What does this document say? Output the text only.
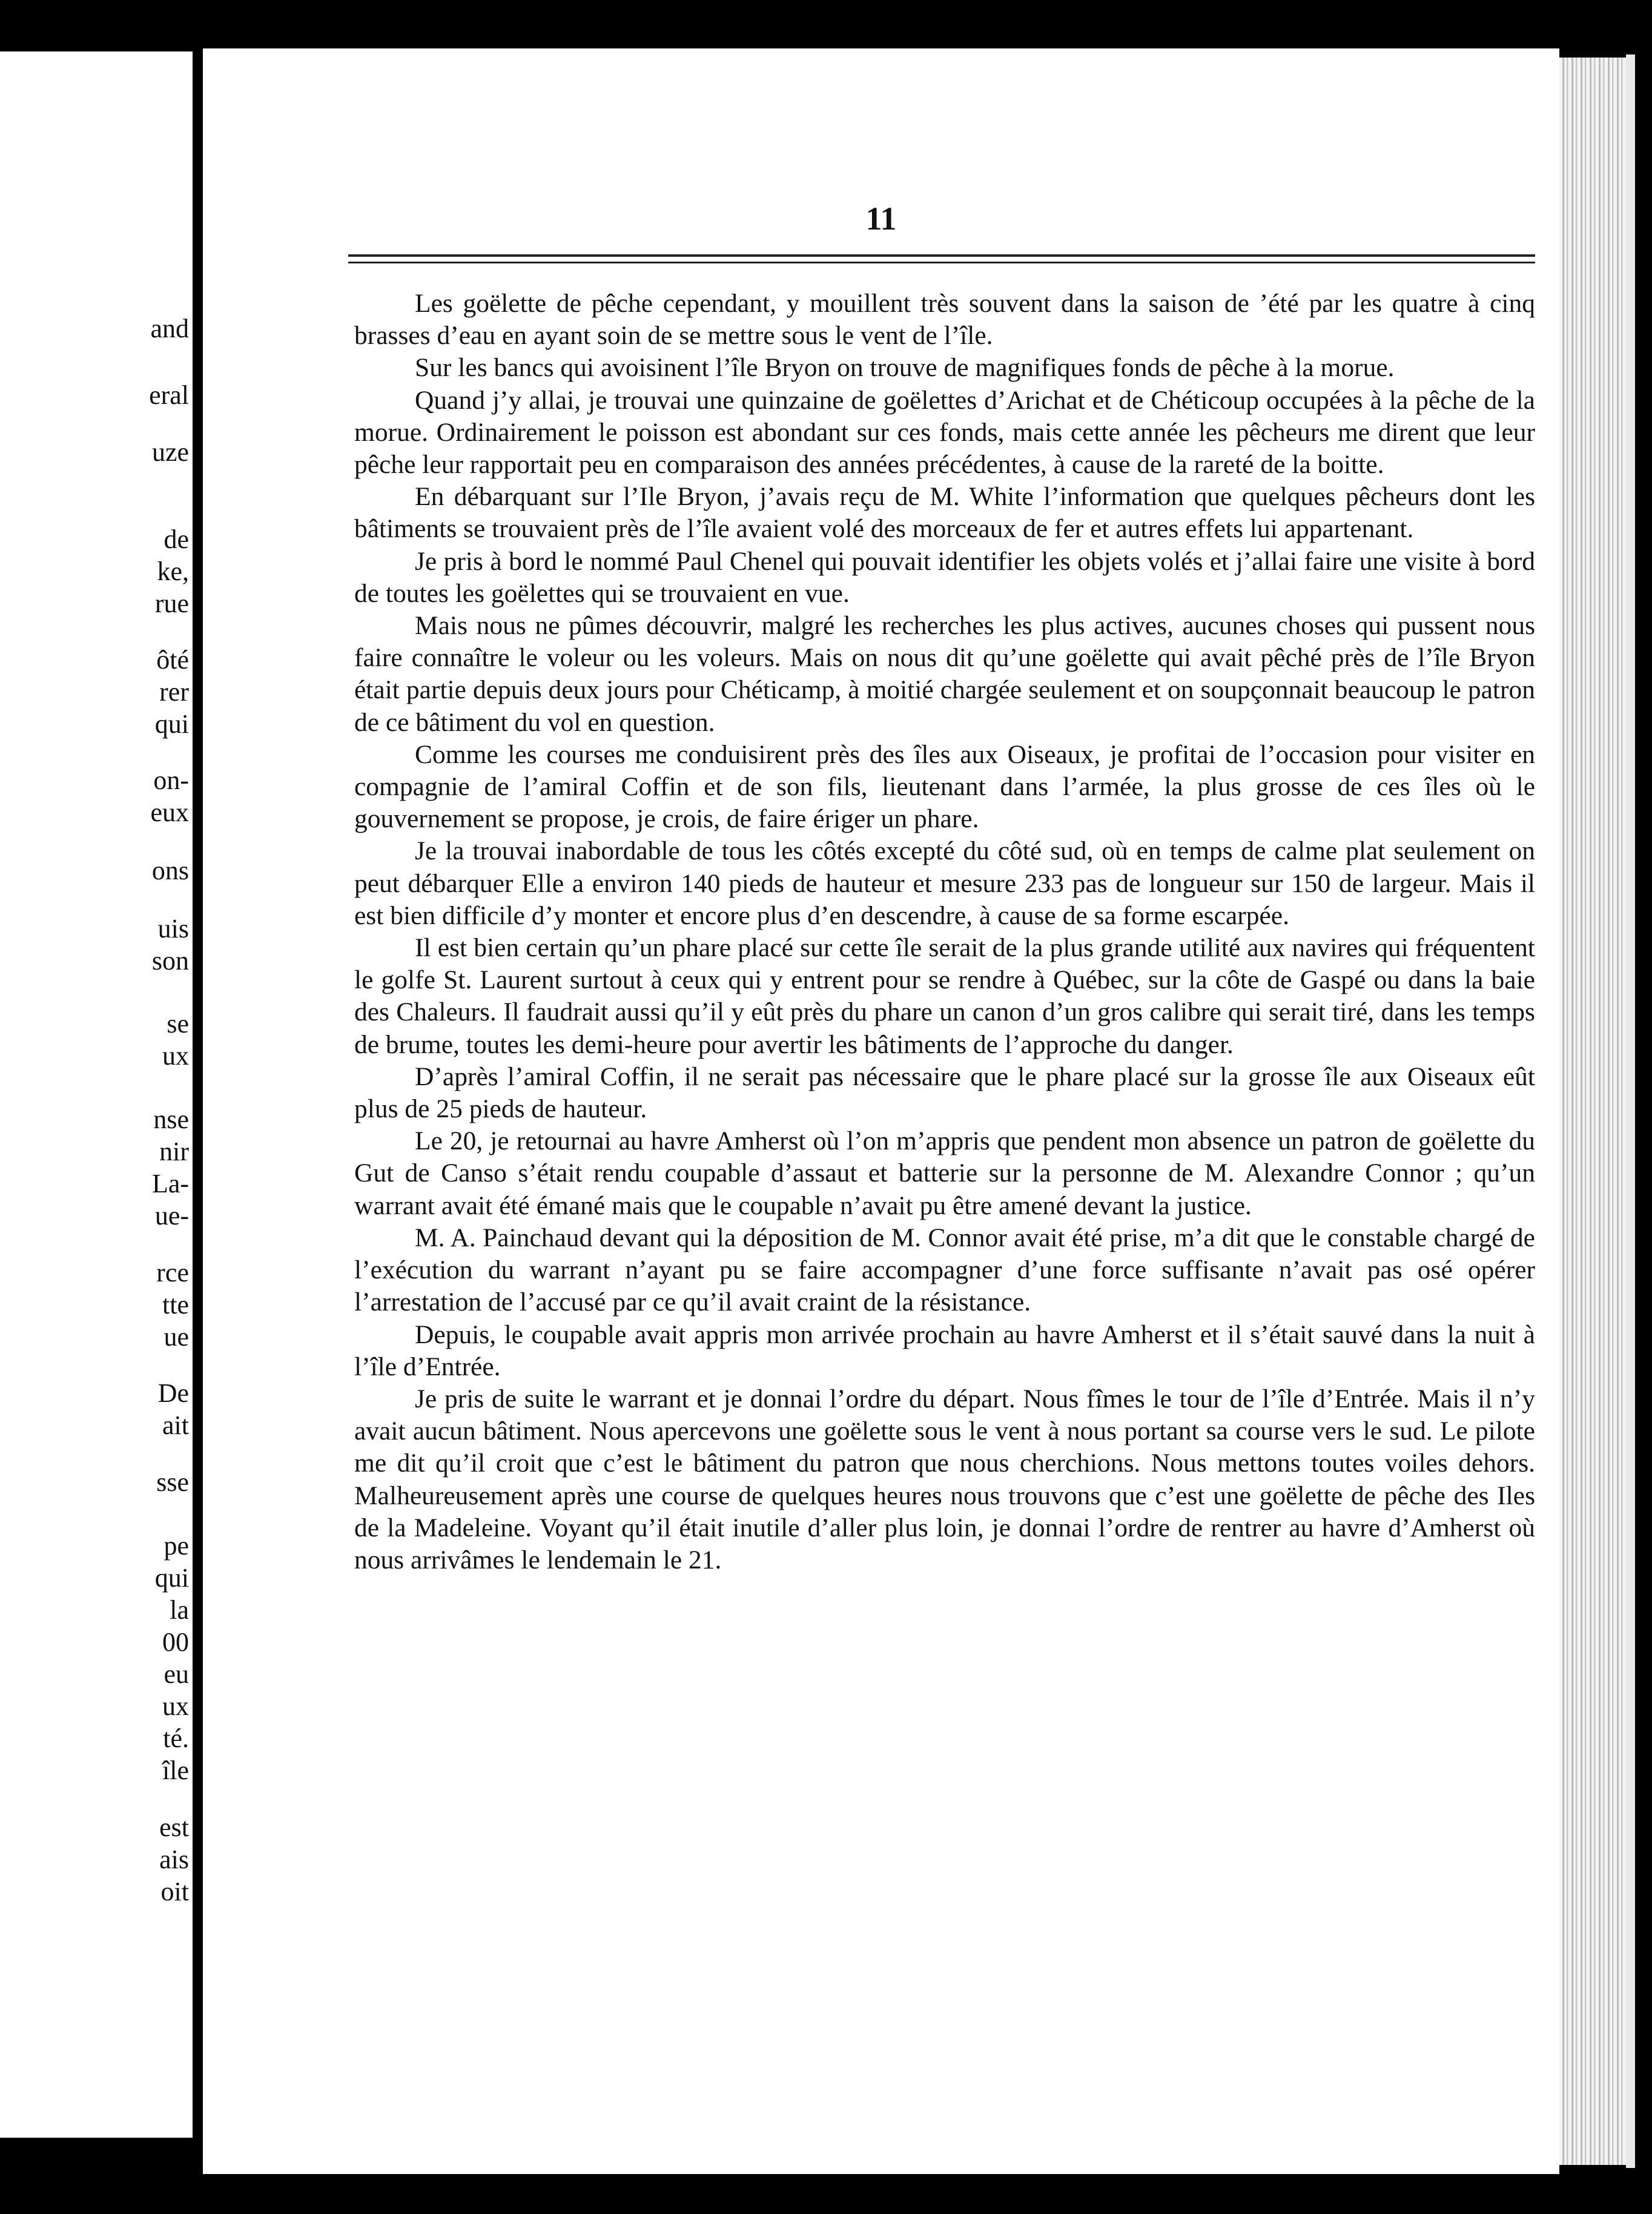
and
eral
uze
de
ke,
rue
ôté
rer
qui
on-
eux
ons
uis
son
se
ux
nse
nir
La-
ue-
rce
tte
ue
De
ait
sse
pe
qui
la
00
eu
ux
té.
île
est
ais
oit
11

Les goëlette de pêche cependant, y mouillent très souvent dans la saison de ’été par les quatre à cinq brasses d’eau en ayant soin de se mettre sous le vent de l’île.

Sur les bancs qui avoisinent l’île Bryon on trouve de magnifiques fonds de pêche à la morue.

Quand j’y allai, je trouvai une quinzaine de goëlettes d’Arichat et de Chéticoup occupées à la pêche de la morue. Ordinairement le poisson est abondant sur ces fonds, mais cette année les pêcheurs me dirent que leur pêche leur rapportait peu en comparaison des années précédentes, à cause de la rareté de la boitte.

En débarquant sur l’Ile Bryon, j’avais reçu de M. White l’information que quelques pêcheurs dont les bâtiments se trouvaient près de l’île avaient volé des morceaux de fer et autres effets lui appartenant.

Je pris à bord le nommé Paul Chenel qui pouvait identifier les objets volés et j’allai faire une visite à bord de toutes les goëlettes qui se trouvaient en vue.

Mais nous ne pûmes découvrir, malgré les recherches les plus actives, aucunes choses qui pussent nous faire connaître le voleur ou les voleurs. Mais on nous dit qu’une goëlette qui avait pêché près de l’île Bryon était partie depuis deux jours pour Chéticamp, à moitié chargée seulement et on soupçonnait beaucoup le patron de ce bâtiment du vol en question.

Comme les courses me conduisirent près des îles aux Oiseaux, je profitai de l’occasion pour visiter en compagnie de l’amiral Coffin et de son fils, lieutenant dans l’armée, la plus grosse de ces îles où le gouvernement se propose, je crois, de faire ériger un phare.

Je la trouvai inabordable de tous les côtés excepté du côté sud, où en temps de calme plat seulement on peut débarquer Elle a environ 140 pieds de hauteur et mesure 233 pas de longueur sur 150 de largeur. Mais il est bien difficile d’y monter et encore plus d’en descendre, à cause de sa forme escarpée.

Il est bien certain qu’un phare placé sur cette île serait de la plus grande utilité aux navires qui fréquentent le golfe St. Laurent surtout à ceux qui y entrent pour se rendre à Québec, sur la côte de Gaspé ou dans la baie des Chaleurs. Il faudrait aussi qu’il y eût près du phare un canon d’un gros calibre qui serait tiré, dans les temps de brume, toutes les demi-heure pour avertir les bâtiments de l’approche du danger.

D’après l’amiral Coffin, il ne serait pas nécessaire que le phare placé sur la grosse île aux Oiseaux eût plus de 25 pieds de hauteur.

Le 20, je retournai au havre Amherst où l’on m’appris que pendent mon absence un patron de goëlette du Gut de Canso s’était rendu coupable d’assaut et batterie sur la personne de M. Alexandre Connor ; qu’un warrant avait été émané mais que le coupable n’avait pu être amené devant la justice.

M. A. Painchaud devant qui la déposition de M. Connor avait été prise, m’a dit que le constable chargé de l’exécution du warrant n’ayant pu se faire accompagner d’une force suffisante n’avait pas osé opérer l’arrestation de l’accusé par ce qu’il avait craint de la résistance.

Depuis, le coupable avait appris mon arrivée prochain au havre Amherst et il s’était sauvé dans la nuit à l’île d’Entrée.

Je pris de suite le warrant et je donnai l’ordre du départ. Nous fîmes le tour de l’île d’Entrée. Mais il n’y avait aucun bâtiment. Nous apercevons une goëlette sous le vent à nous portant sa course vers le sud. Le pilote me dit qu’il croit que c’est le bâtiment du patron que nous cherchions. Nous mettons toutes voiles dehors. Malheureusement après une course de quelques heures nous trouvons que c’est une goëlette de pêche des Iles de la Madeleine. Voyant qu’il était inutile d’aller plus loin, je donnai l’ordre de rentrer au havre d’Amherst où nous arrivâmes le lendemain le 21.
